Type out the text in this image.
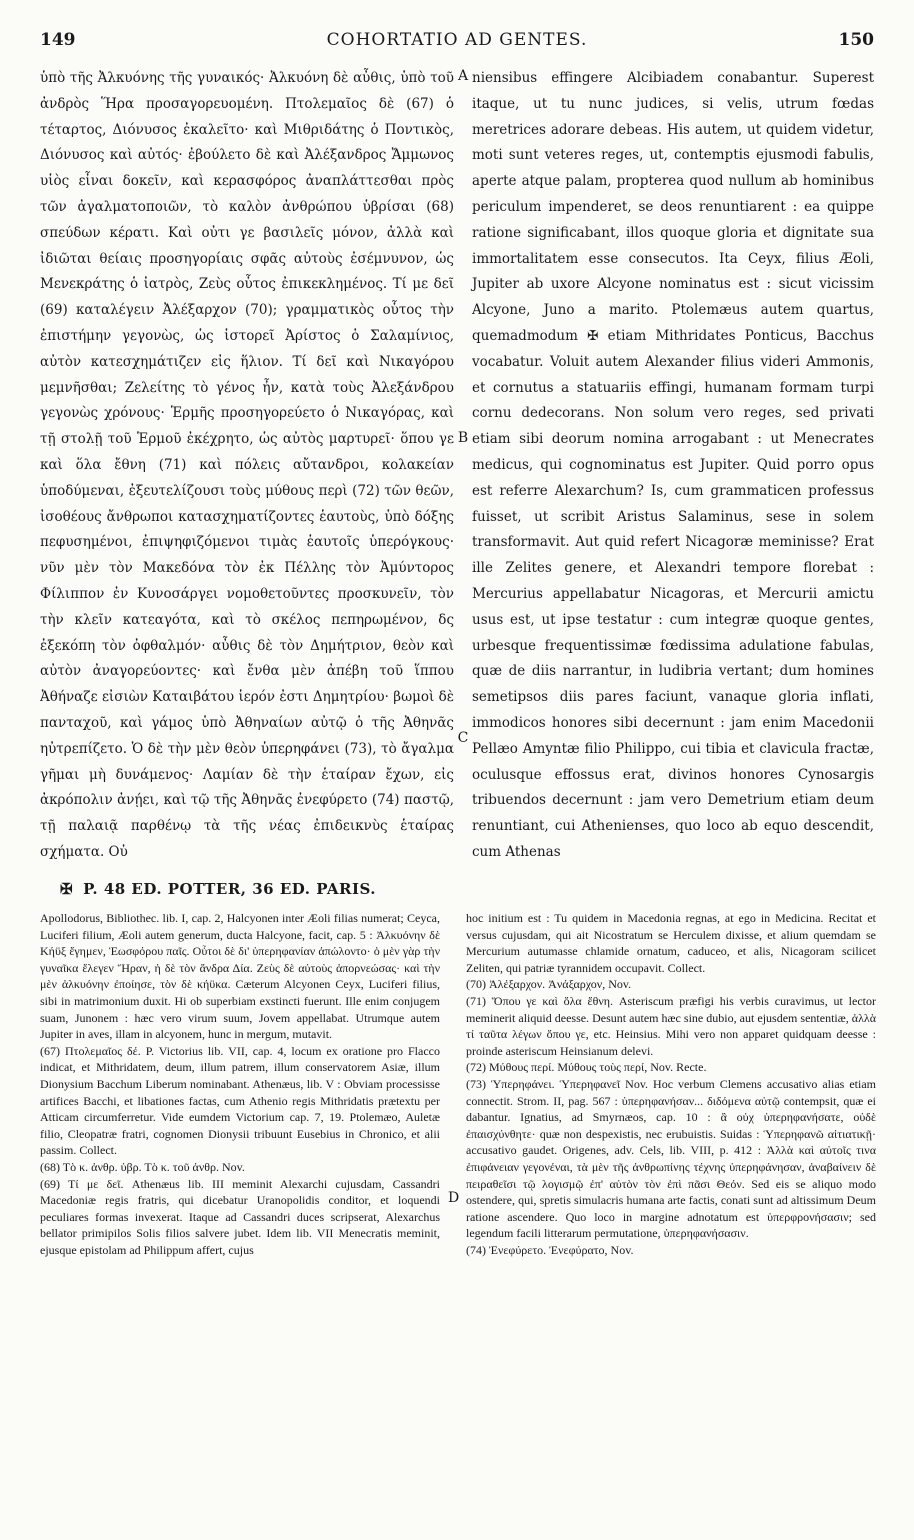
149	COHORTATIO AD GENTES.	150
ὑπὸ τῆς Ἀλκυόνης τῆς γυναικός· Ἀλκυόνη δὲ αὖθις, ὑπὸ τοῦ ἀνδρὸς Ἥρα προσαγορευομένη. Πτολεμαῖος δὲ (67) ὁ τέταρτος, Διόνυσος ἐκαλεῖτο· καὶ Μιθριδάτης ὁ Ποντικὸς, Διόνυσος καὶ αὐτός· ἐβούλετο δὲ καὶ Ἀλέξανδρος Ἄμμωνος υἱὸς εἶναι δοκεῖν, καὶ κερασφόρος ἀναπλάττεσθαι πρὸς τῶν ἀγαλματοποιῶν, τὸ καλὸν ἀνθρώπου ὑβρίσαι (68) σπεύδων κέρατι. Καὶ οὐτι γε βασιλεῖς μόνον, ἀλλὰ καὶ ἰδιῶται θείαις προσηγορίαις σφᾶς αὐτοὺς ἐσέμνυνον, ὡς Μενεκράτης ὁ ἰατρὸς, Ζεὺς οὗτος ἐπικεκλημένος. Τί με δεῖ (69) καταλέγειν Ἀλέξαρχον (70); γραμματικὸς οὗτος τὴν ἐπιστήμην γεγονὼς, ὡς ἱστορεῖ Ἀρίστος ὁ Σαλαμίνιος, αὐτὸν κατεσχημάτιζεν εἰς ἥλιον. Τί δεῖ καὶ Νικαγόρου μεμνῆσθαι; Ζελείτης τὸ γένος ἦν, κατὰ τοὺς Ἀλεξάνδρου γεγονὼς χρόνους· Ἑρμῆς προσηγορεύετο ὁ Νικαγόρας, καὶ τῇ στολῇ τοῦ Ἑρμοῦ ἐκέχρητο, ὡς αὐτὸς μαρτυρεῖ· ὅπου γε καὶ ὅλα ἔθνη (71) καὶ πόλεις αὔτανδροι, κολακείαν ὑποδύμεναι, ἐξευτελίζουσι τοὺς μύθους περὶ (72) τῶν θεῶν, ἰσοθέους ἄνθρωποι κατασχηματίζοντες ἑαυτοὺς, ὑπὸ δόξης πεφυσημένοι, ἐπιψηφιζόμενοι τιμὰς ἑαυτοῖς ὑπερόγκους· νῦν μὲν τὸν Μακεδόνα τὸν ἐκ Πέλλης τὸν Ἀμύντορος Φίλιππον ἐν Κυνοσάργει νομοθετοῦντες προσκυνεῖν, τὸν τὴν κλεῖν κατεαγότα, καὶ τὸ σκέλος πεπηρωμένον, δς ἐξεκόπη τὸν ὀφθαλμόν· αὖθις δὲ τὸν Δημήτριον, θεὸν καὶ αὐτὸν ἀναγορεύοντες· καὶ ἔνθα μὲν ἀπέβη τοῦ ἵππου Ἀθήναζε εἰσιὼν Καταιβάτου ἱερόν ἐστι Δημητρίου· βωμοὶ δὲ πανταχοῦ, καὶ γάμος ὑπὸ Ἀθηναίων αὐτῷ ὁ τῆς Ἀθηνᾶς ηὐτρεπίζετο. Ὁ δὲ τὴν μὲν θεὸν ὑπερηφάνει (73), τὸ ἄγαλμα γῆμαι μὴ δυνάμενος· Λαμίαν δὲ τὴν ἑταίραν ἔχων, εἰς ἀκρόπολιν ἀνῄει, καὶ τῷ τῆς Ἀθηνᾶς ἐνεφύρετο (74) παστῷ, τῇ παλαιᾷ παρθένῳ τὰ τῆς νέας ἐπιδεικνὺς ἑταίρας σχήματα. Οὐ
A
B
C
niensibus effingere Alcibiadem conabantur. Superest itaque, ut tu nunc judices, si velis, utrum fœdas meretrices adorare debeas. His autem, ut quidem videtur, moti sunt veteres reges, ut, contemptis ejusmodi fabulis, aperte atque palam, propterea quod nullum ab hominibus periculum impenderet, se deos renuntiarent : ea quippe ratione significabant, illos quoque gloria et dignitate sua immortalitatem esse consecutos. Ita Ceyx, filius Æoli, Jupiter ab uxore Alcyone nominatus est : sicut vicissim Alcyone, Juno a marito. Ptolemæus autem quartus, quemadmodum ✠ etiam Mithridates Ponticus, Bacchus vocabatur. Voluit autem Alexander filius videri Ammonis, et cornutus a statuariis effingi, humanam formam turpi cornu dedecorans. Non solum vero reges, sed privati etiam sibi deorum nomina arrogabant : ut Menecrates medicus, qui cognominatus est Jupiter. Quid porro opus est referre Alexarchum? Is, cum grammaticen professus fuisset, ut scribit Aristus Salaminus, sese in solem transformavit. Aut quid refert Nicagoræ meminisse? Erat ille Zelites genere, et Alexandri tempore florebat : Mercurius appellabatur Nicagoras, et Mercurii amictu usus est, ut ipse testatur : cum integræ quoque gentes, urbesque frequentissimæ fœdissima adulatione fabulas, quæ de diis narrantur, in ludibria vertant; dum homines semetipsos diis pares faciunt, vanaque gloria inflati, immodicos honores sibi decernunt : jam enim Macedonii Pellæo Amyntæ filio Philippo, cui tibia et clavicula fractæ, oculusque effossus erat, divinos honores Cynosargis tribuendos decernunt : jam vero Demetrium etiam deum renuntiant, cui Athenienses, quo loco ab equo descendit, cum Athenas
✠ P. 48 ED. POTTER, 36 ED. PARIS.

Apollodorus, Bibliothec. lib. I, cap. 2, Halcyonen inter Æoli filias numerat; Ceyca, Luciferi filium, Æoli autem generum, ducta Halcyone, facit, cap. 5 : Ἀλκυόνην δὲ Κήϋξ ἔγημεν, Ἑωσφόρου παῖς. Οὗτοι δὲ δι' ὑπερηφανίαν ἀπώλοντο· ὁ μὲν γὰρ τὴν γυναῖκα ἔλεγεν Ἥραν, ἡ δὲ τὸν ἄνδρα Δία. Ζεὺς δὲ αὐτοὺς ἀπορνεώσας· καὶ τὴν μὲν ἀλκυόνην ἐποίησε, τὸν δὲ κήϋκα. Cæterum Alcyonen Ceyx, Luciferi filius, sibi in matrimonium duxit. Hi ob superbiam exstincti fuerunt. Ille enim conjugem suam, Junonem : hæc vero virum suum, Jovem appellabat. Utrumque autem Jupiter in aves, illam in alcyonem, hunc in mergum, mutavit.

(67) Πτολεμαῖος δέ. P. Victorius lib. VII, cap. 4, locum ex oratione pro Flacco indicat, et Mithridatem, deum, illum patrem, illum conservatorem Asiæ, illum Dionysium Bacchum Liberum nominabant. Athenæus, lib. V : Obviam processisse artifices Bacchi, et libationes factas, cum Athenio regis Mithridatis prætextu per Atticam circumferretur. Vide eumdem Victorium cap. 7, 19. Ptolemæo, Auletæ filio, Cleopatræ fratri, cognomen Dionysii tribuunt Eusebius in Chronico, et alii passim. Collect.

(68) Τὸ κ. ἀνθρ. ὑβρ. Τὸ κ. τοῦ ἀνθρ. Nov.

(69) Τί με δεῖ. Athenæus lib. III meminit Alexarchi cujusdam, Cassandri Macedoniæ regis fratris, qui dicebatur Uranopolidis conditor, et loquendi peculiares formas invexerat. Itaque ad Cassandri duces scripserat, Alexarchus bellator primipilos Solis filios salvere jubet. Idem lib. VII Menecratis meminit, ejusque epistolam ad Philippum affert, cujus

D

hoc initium est : Tu quidem in Macedonia regnas, at ego in Medicina. Recitat et versus cujusdam, qui ait Nicostratum se Herculem dixisse, et alium quemdam se Mercurium autumasse chlamide ornatum, caduceo, et alis, Nicagoram scilicet Zeliten, qui patriæ tyrannidem occupavit. Collect.

(70) Ἀλέξαρχον. Ἀνάξαρχον, Nov.

(71) Ὅπου γε καὶ ὅλα ἔθνη. Asteriscum præfigi his verbis curavimus, ut lector meminerit aliquid deesse. Desunt autem hæc sine dubio, aut ejusdem sententiæ, ἀλλὰ τί ταῦτα λέγων ὅπου γε, etc. Heinsius. Mihi vero non apparet quidquam deesse : proinde asteriscum Heinsianum delevi.

(72) Μύθους περί. Μύθους τοὺς περί, Nov. Recte.

(73) Ὑπερηφάνει. Ὑπερηφανεῖ Nov. Hoc verbum Clemens accusativo alias etiam connectit. Strom. II, pag. 567 : ὑπερηφανήσαν... διδόμενα αὐτῷ contempsit, quæ ei dabantur. Ignatius, ad Smyrnæos, cap. 10 : ἃ οὐχ ὑπερηφανήσατε, οὐδὲ ἐπαισχύνθητε· quæ non despexistis, nec erubuistis. Suidas : Ὑπερηφανῶ αἰτιατικῇ· accusativo gaudet. Origenes, adv. Cels, lib. VIII, p. 412 : Ἀλλὰ καὶ αὐτοῖς τινα ἐπιφάνειαν γεγονέναι, τὰ μὲν τῆς ἀνθρωπίνης τέχνης ὑπερηφάνησαν, ἀναβαίνειν δὲ πειραθεῖσι τῷ λογισμῷ ἐπ' αὐτὸν τὸν ἐπὶ πᾶσι Θεόν. Sed eis se aliquo modo ostendere, qui, spretis simulacris humana arte factis, conati sunt ad altissimum Deum ratione ascendere. Quo loco in margine adnotatum est ὑπερφρονήσασιν; sed legendum facili litterarum permutatione, ὑπερηφανήσασιν.

(74) Ἐνεφύρετο. Ἐνεφύρατο, Nov.
